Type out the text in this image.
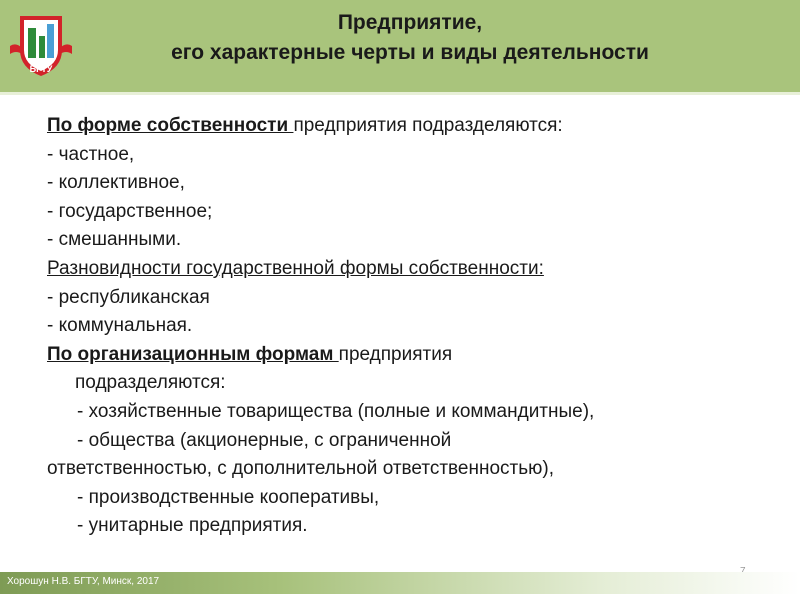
БГТУ
Предприятие,
его характерные черты и виды деятельности
По форме собственности предприятия подразделяются:
- частное,
- коллективное,
- государственное;
- смешанными.
Разновидности государственной формы собственности:
- республиканская
- коммунальная.
По организационным формам предприятия
подразделяются:
- хозяйственные товарищества (полные и коммандитные),
- общества (акционерные, с ограниченной
ответственностью, с дополнительной ответственностью),
- производственные кооперативы,
- унитарные предприятия.
Хорошун Н.В. БГТУ, Минск, 2017
